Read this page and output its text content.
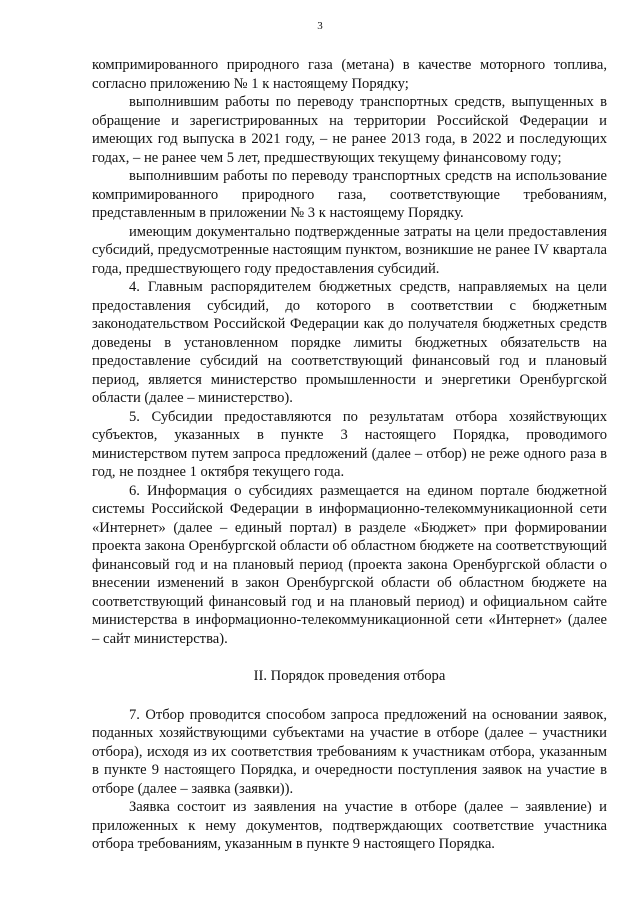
3

компримированного природного газа (метана) в качестве моторного топлива, согласно приложению № 1 к настоящему Порядку;

выполнившим работы по переводу транспортных средств, выпущенных в обращение и зарегистрированных на территории Российской Федерации и имеющих год выпуска в 2021 году, – не ранее 2013 года, в 2022 и последующих годах, – не ранее чем 5 лет, предшествующих текущему финансовому году;

выполнившим работы по переводу транспортных средств на использование компримированного природного газа, соответствующие требованиям, представленным в приложении № 3 к настоящему Порядку.

имеющим документально подтвержденные затраты на цели предоставления субсидий, предусмотренные настоящим пунктом, возникшие не ранее IV квартала года, предшествующего году предоставления субсидий.

4. Главным распорядителем бюджетных средств, направляемых на цели предоставления субсидий, до которого в соответствии с бюджетным законодательством Российской Федерации как до получателя бюджетных средств доведены в установленном порядке лимиты бюджетных обязательств на предоставление субсидий на соответствующий финансовый год и плановый период, является министерство промышленности и энергетики Оренбургской области (далее – министерство).

5. Субсидии предоставляются по результатам отбора хозяйствующих субъектов, указанных в пункте 3 настоящего Порядка, проводимого министерством путем запроса предложений (далее – отбор) не реже одного раза в год, не позднее 1 октября текущего года.

6. Информация о субсидиях размещается на едином портале бюджетной системы Российской Федерации в информационно-телекоммуникационной сети «Интернет» (далее – единый портал) в разделе «Бюджет» при формировании проекта закона Оренбургской области об областном бюджете на соответствующий финансовый год и на плановый период (проекта закона Оренбургской области о внесении изменений в закон Оренбургской области об областном бюджете на соответствующий финансовый год и на плановый период) и официальном сайте министерства в информационно-телекоммуникационной сети «Интернет» (далее – сайт министерства).

II. Порядок проведения отбора

7. Отбор проводится способом запроса предложений на основании заявок, поданных хозяйствующими субъектами на участие в отборе (далее – участники отбора), исходя из их соответствия требованиям к участникам отбора, указанным в пункте 9 настоящего Порядка, и очередности поступления заявок на участие в отборе (далее – заявка (заявки)).

Заявка состоит из заявления на участие в отборе (далее – заявление) и приложенных к нему документов, подтверждающих соответствие участника отбора требованиям, указанным в пункте 9 настоящего Порядка.
